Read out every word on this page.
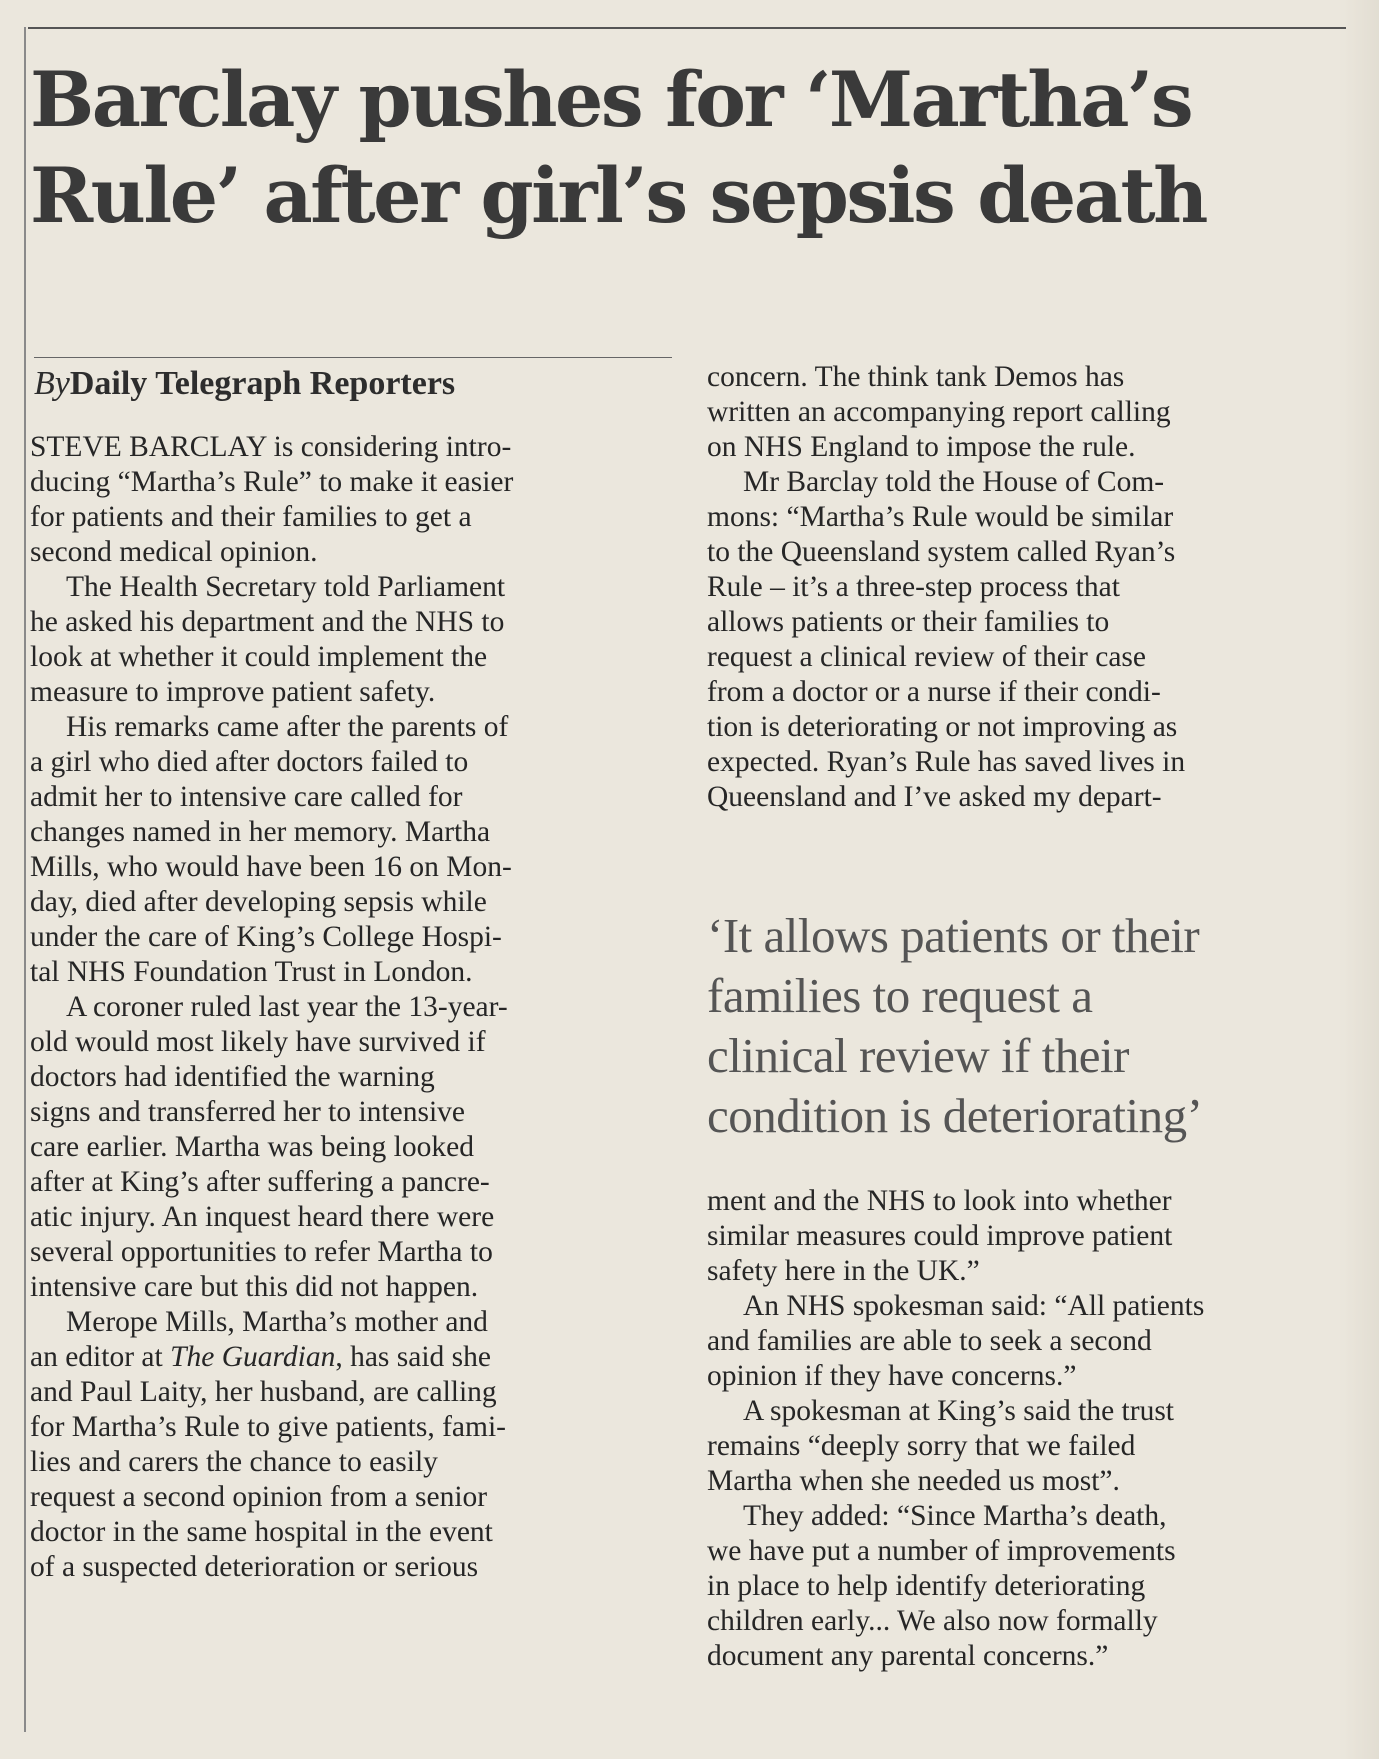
Barclay pushes for ‘Martha’s
Rule’ after girl’s sepsis death
ByDaily Telegraph Reporters
STEVE BARCLAY is considering intro-
ducing “Martha’s Rule” to make it easier
for patients and their families to get a
second medical opinion.
The Health Secretary told Parliament
he asked his department and the NHS to
look at whether it could implement the
measure to improve patient safety.
His remarks came after the parents of
a girl who died after doctors failed to
admit her to intensive care called for
changes named in her memory. Martha
Mills, who would have been 16 on Mon-
day, died after developing sepsis while
under the care of King’s College Hospi-
tal NHS Foundation Trust in London.
A coroner ruled last year the 13-year-
old would most likely have survived if
doctors had identified the warning
signs and transferred her to intensive
care earlier. Martha was being looked
after at King’s after suffering a pancre-
atic injury. An inquest heard there were
several opportunities to refer Martha to
intensive care but this did not happen.
Merope Mills, Martha’s mother and
an editor at The Guardian, has said she
and Paul Laity, her husband, are calling
for Martha’s Rule to give patients, fami-
lies and carers the chance to easily
request a second opinion from a senior
doctor in the same hospital in the event
of a suspected deterioration or serious
concern. The think tank Demos has
written an accompanying report calling
on NHS England to impose the rule.
Mr Barclay told the House of Com-
mons: “Martha’s Rule would be similar
to the Queensland system called Ryan’s
Rule – it’s a three-step process that
allows patients or their families to
request a clinical review of their case
from a doctor or a nurse if their condi-
tion is deteriorating or not improving as
expected. Ryan’s Rule has saved lives in
Queensland and I’ve asked my depart-
‘It allows patients or their
families to request a
clinical review if their
condition is deteriorating’
ment and the NHS to look into whether
similar measures could improve patient
safety here in the UK.”
An NHS spokesman said: “All patients
and families are able to seek a second
opinion if they have concerns.”
A spokesman at King’s said the trust
remains “deeply sorry that we failed
Martha when she needed us most”.
They added: “Since Martha’s death,
we have put a number of improvements
in place to help identify deteriorating
children early... We also now formally
document any parental concerns.”
